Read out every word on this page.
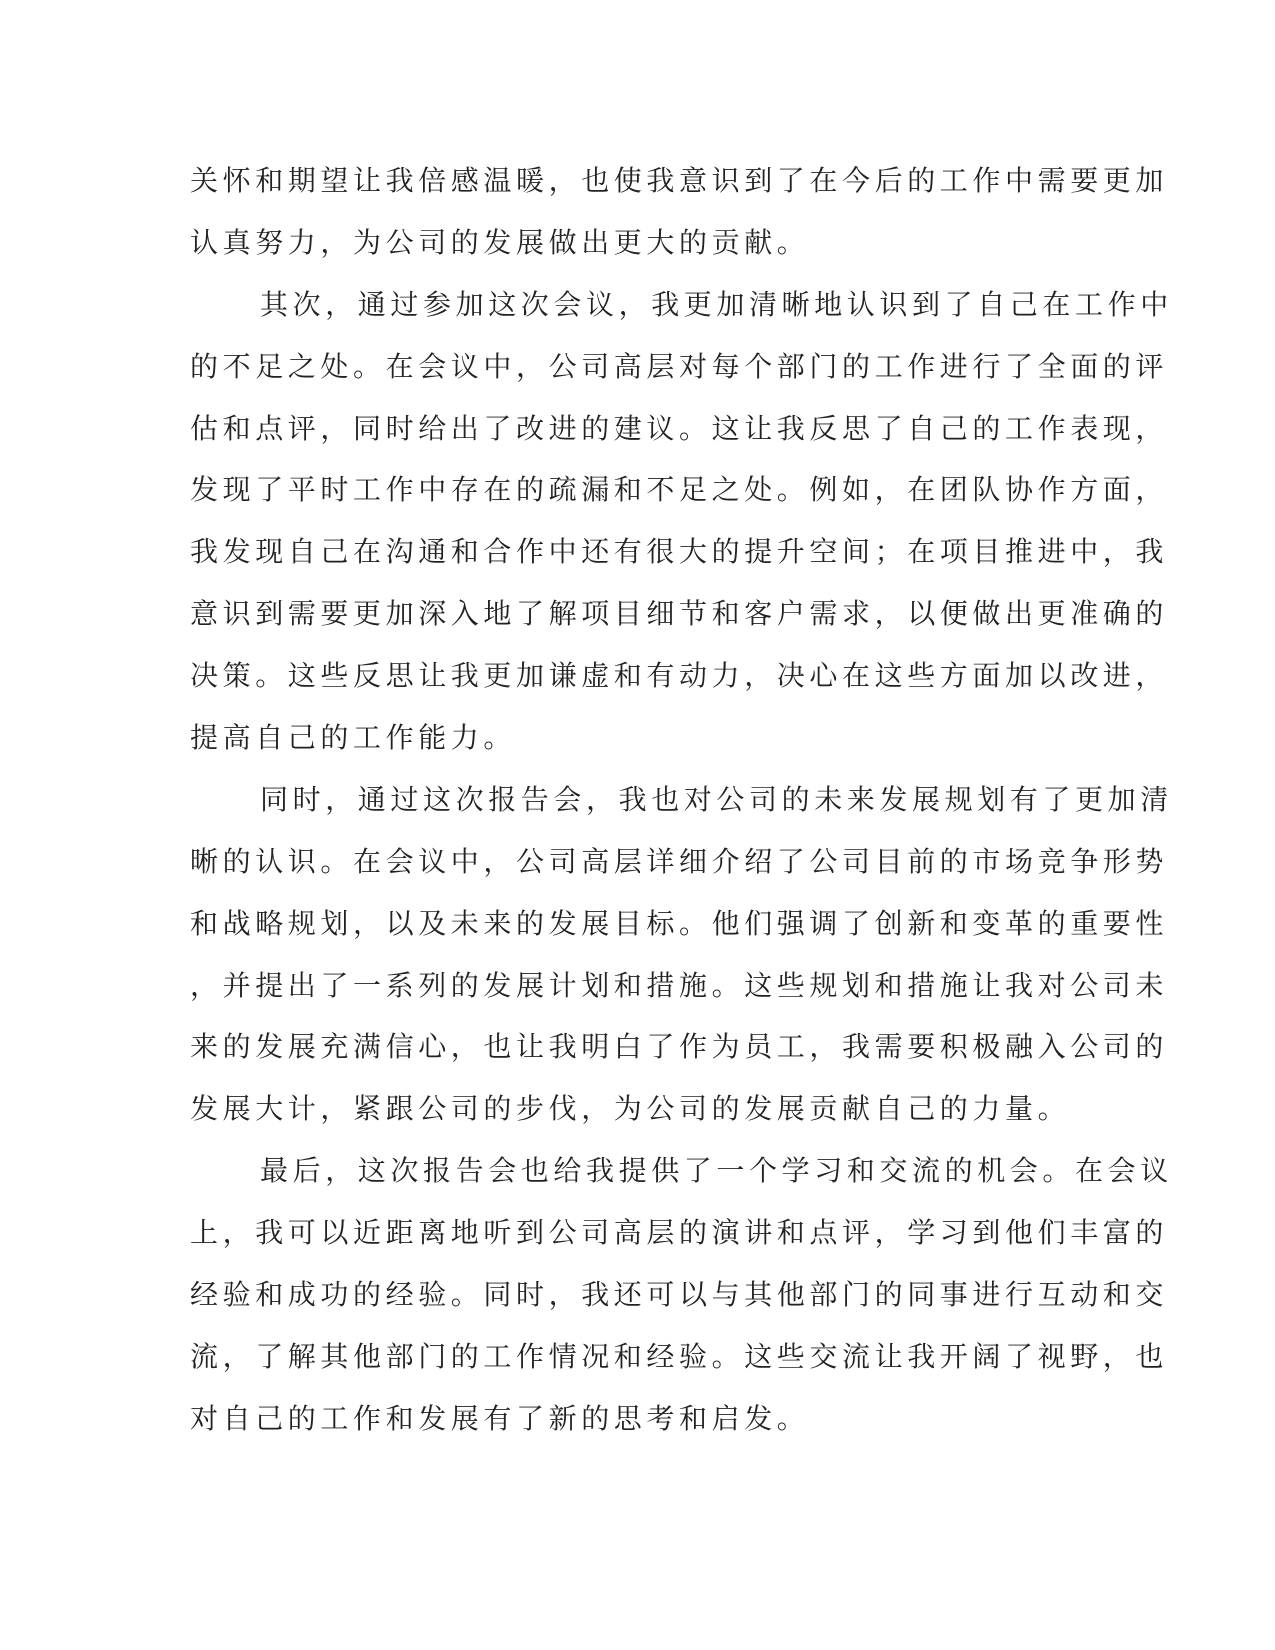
关怀和期望让我倍感温暖，也使我意识到了在今后的工作中需要更加
认真努力，为公司的发展做出更大的贡献。
其次，通过参加这次会议，我更加清晰地认识到了自己在工作中
的不足之处。在会议中，公司高层对每个部门的工作进行了全面的评
估和点评，同时给出了改进的建议。这让我反思了自己的工作表现，
发现了平时工作中存在的疏漏和不足之处。例如，在团队协作方面，
我发现自己在沟通和合作中还有很大的提升空间；在项目推进中，我
意识到需要更加深入地了解项目细节和客户需求，以便做出更准确的
决策。这些反思让我更加谦虚和有动力，决心在这些方面加以改进，
提高自己的工作能力。
同时，通过这次报告会，我也对公司的未来发展规划有了更加清
晰的认识。在会议中，公司高层详细介绍了公司目前的市场竞争形势
和战略规划，以及未来的发展目标。他们强调了创新和变革的重要性
，并提出了一系列的发展计划和措施。这些规划和措施让我对公司未
来的发展充满信心，也让我明白了作为员工，我需要积极融入公司的
发展大计，紧跟公司的步伐，为公司的发展贡献自己的力量。
最后，这次报告会也给我提供了一个学习和交流的机会。在会议
上，我可以近距离地听到公司高层的演讲和点评，学习到他们丰富的
经验和成功的经验。同时，我还可以与其他部门的同事进行互动和交
流，了解其他部门的工作情况和经验。这些交流让我开阔了视野，也
对自己的工作和发展有了新的思考和启发。
